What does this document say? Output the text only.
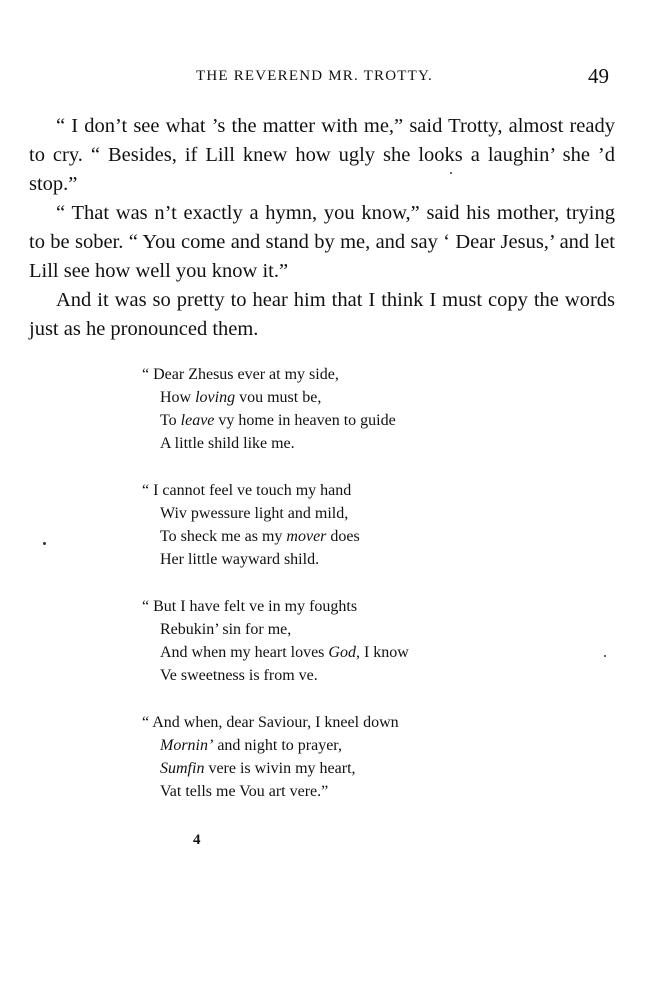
THE REVEREND MR. TROTTY.	49

“ I don’t see what ’s the matter with me,” said Trotty, almost ready to cry. “ Besides, if Lill knew how ugly she looks a laughin’ she ’d stop.”

“ That was n’t exactly a hymn, you know,” said his mother, trying to be sober. “ You come and stand by me, and say ‘ Dear Jesus,’ and let Lill see how well you know it.”

And it was so pretty to hear him that I think I must copy the words just as he pronounced them.

“ Dear Zhesus ever at my side,
How loving vou must be,
To leave vy home in heaven to guide
A little shild like me.
“ I cannot feel ve touch my hand
Wiv pwessure light and mild,
To sheck me as my mover does
Her little wayward shild.
“ But I have felt ve in my foughts
Rebukin’ sin for me,
And when my heart loves God, I know
Ve sweetness is from ve.
“ And when, dear Saviour, I kneel down
Mornin’ and night to prayer,
Sumfin vere is wivin my heart,
Vat tells me Vou art vere.”
4
